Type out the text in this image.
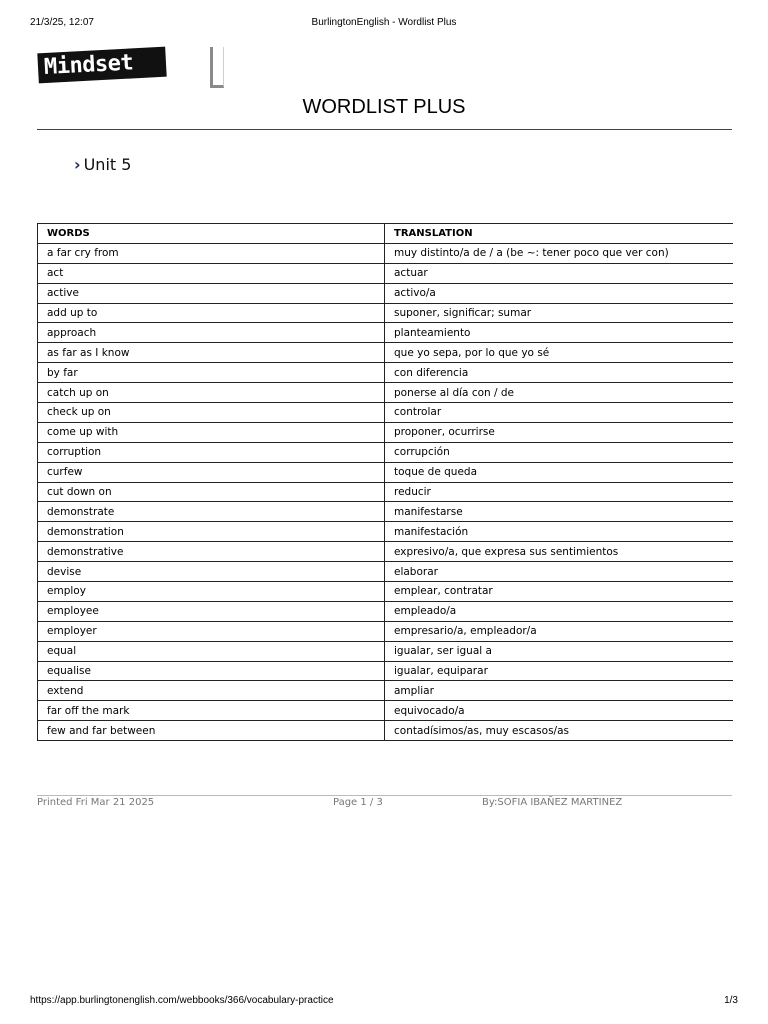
21/3/25, 12:07	BurlingtonEnglish - Wordlist Plus
Mindset
WORDLIST PLUS
› Unit 5
WORDS	TRANSLATION
a far cry from	muy distinto/a de / a (be ~: tener poco que ver con)
act	actuar
active	activo/a
add up to	suponer, significar; sumar
approach	planteamiento
as far as I know	que yo sepa, por lo que yo sé
by far	con diferencia
catch up on	ponerse al día con / de
check up on	controlar
come up with	proponer, ocurrirse
corruption	corrupción
curfew	toque de queda
cut down on	reducir
demonstrate	manifestarse
demonstration	manifestación
demonstrative	expresivo/a, que expresa sus sentimientos
devise	elaborar
employ	emplear, contratar
employee	empleado/a
employer	empresario/a, empleador/a
equal	igualar, ser igual a
equalise	igualar, equiparar
extend	ampliar
far off the mark	equivocado/a
few and far between	contadísimos/as, muy escasos/as
Printed Fri Mar 21 2025	Page 1 / 3	By:SOFIA IBAÑEZ MARTINEZ
https://app.burlingtonenglish.com/webbooks/366/vocabulary-practice	1/3
